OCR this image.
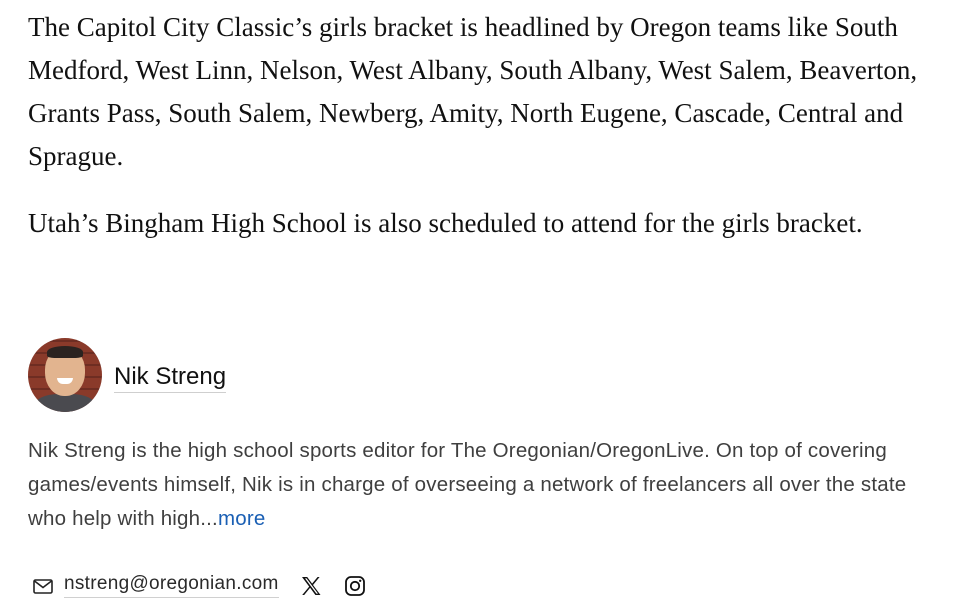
The Capitol City Classic’s girls bracket is headlined by Oregon teams like South Medford, West Linn, Nelson, West Albany, South Albany, West Salem, Beaverton, Grants Pass, South Salem, Newberg, Amity, North Eugene, Cascade, Central and Sprague.

Utah’s Bingham High School is also scheduled to attend for the girls bracket.

Nik Streng

Nik Streng is the high school sports editor for The Oregonian/OregonLive. On top of covering games/events himself, Nik is in charge of overseeing a network of freelancers all over the state who help with high...more

nstreng@oregonian.com
